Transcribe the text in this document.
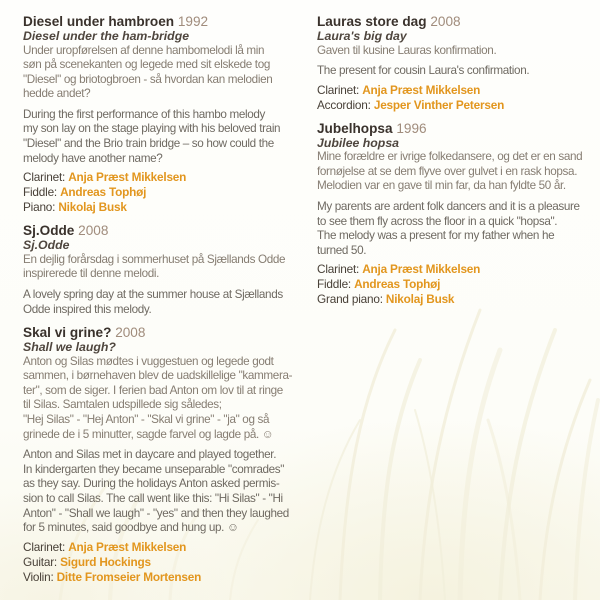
Diesel under hambroen 1992
Diesel under the ham-bridge

Under uropførelsen af denne hambomelodi lå min
søn på scenekanten og legede med sit elskede tog
"Diesel" og briotogbroen - så hvordan kan melodien
hedde andet?

During the first performance of this hambo melody
my son lay on the stage playing with his beloved train
"Diesel" and the Brio train bridge – so how could the
melody have another name?

Clarinet: Anja Præst Mikkelsen
Fiddle: Andreas Tophøj
Piano: Nikolaj Busk
Sj.Odde 2008
Sj.Odde

En dejlig forårsdag i sommerhuset på Sjællands Odde
inspirerede til denne melodi.

A lovely spring day at the summer house at Sjællands
Odde inspired this melody.

Skal vi grine? 2008
Shall we laugh?

Anton og Silas mødtes i vuggestuen og legede godt
sammen, i børnehaven blev de uadskillelige "kammera-
ter", som de siger. I ferien bad Anton om lov til at ringe
til Silas. Samtalen udspillede sig således;
"Hej Silas" - "Hej Anton" - "Skal vi grine" - "ja" og så
grinede de i 5 minutter, sagde farvel og lagde på. ☺

Anton and Silas met in daycare and played together.
In kindergarten they became unseparable "comrades"
as they say. During the holidays Anton asked permis-
sion to call Silas. The call went like this: "Hi Silas" - "Hi
Anton" - "Shall we laugh" - "yes" and then they laughed
for 5 minutes, said goodbye and hung up. ☺

Clarinet: Anja Præst Mikkelsen
Guitar: Sigurd Hockings
Violin: Ditte Fromseier Mortensen
Lauras store dag 2008
Laura's big day

Gaven til kusine Lauras konfirmation.

The present for cousin Laura's confirmation.

Clarinet: Anja Præst Mikkelsen
Accordion: Jesper Vinther Petersen
Jubelhopsa 1996
Jubilee hopsa

Mine forældre er ivrige folkedansere, og det er en sand
fornøjelse at se dem flyve over gulvet i en rask hopsa.
Melodien var en gave til min far, da han fyldte 50 år.

My parents are ardent folk dancers and it is a pleasure
to see them fly across the floor in a quick "hopsa".
The melody was a present for my father when he
turned 50.

Clarinet: Anja Præst Mikkelsen
Fiddle: Andreas Tophøj
Grand piano: Nikolaj Busk
